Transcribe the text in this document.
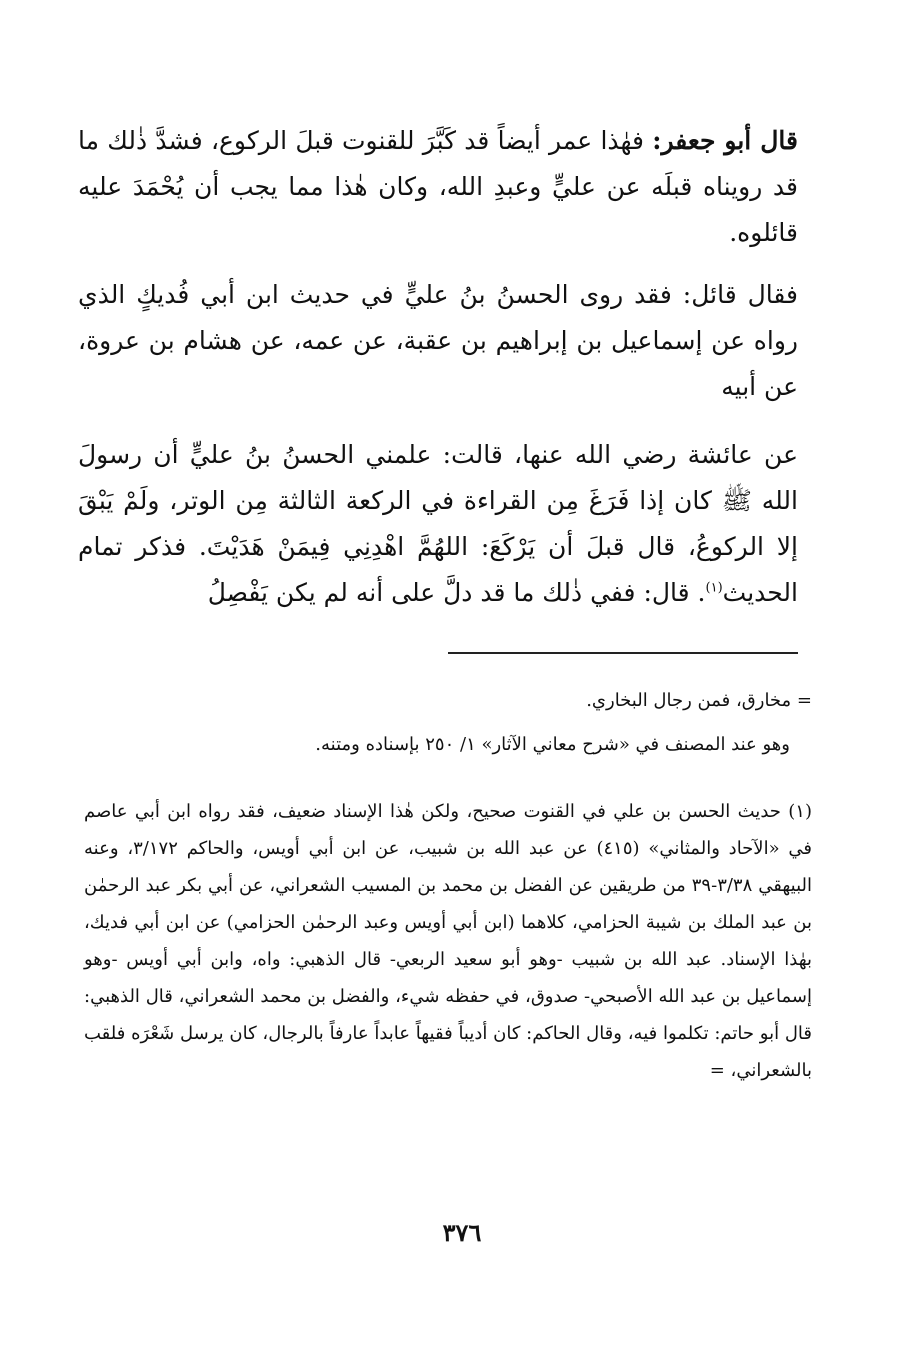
قال أبو جعفر: فهٰذا عمر أيضاً قد كَبَّرَ للقنوت قبلَ الركوع، فشدَّ ذٰلك ما قد رويناه قبلَه عن عليٍّ وعبدِ الله، وكان هٰذا مما يجب أن يُحْمَدَ عليه قائلوه.

فقال قائل: فقد روى الحسنُ بنُ عليٍّ في حديث ابن أبي فُديكٍ الذي رواه عن إسماعيل بن إبراهيم بن عقبة، عن عمه، عن هشام بن عروة، عن أبيه

عن عائشة رضي الله عنها، قالت: علمني الحسنُ بنُ عليٍّ أن رسولَ الله ﷺ كان إذا فَرَغَ مِن القراءة في الركعة الثالثة مِن الوتر، ولَمْ يَبْقَ إلا الركوعُ، قال قبلَ أن يَرْكَعَ: اللهُمَّ اهْدِنِي فِيمَنْ هَدَيْتَ. فذكر تمام الحديث$^{(١)}$. قال: ففي ذٰلك ما قد دلَّ على أنه لم يكن يَفْصِلُ

= مخارق، فمن رجال البخاري.

وهو عند المصنف في «شرح معاني الآثار» ١/ ٢٥٠ بإسناده ومتنه.

(١) حديث الحسن بن علي في القنوت صحيح، ولكن هٰذا الإسناد ضعيف، فقد رواه ابن أبي عاصم في «الآحاد والمثاني» (٤١٥) عن عبد الله بن شبيب، عن ابن أبي أويس، والحاكم ٣/١٧٢، وعنه البيهقي ٣/٣٨-٣٩ من طريقين عن الفضل بن محمد بن المسيب الشعراني، عن أبي بكر عبد الرحمٰن بن عبد الملك بن شيبة الحزامي، كلاهما (ابن أبي أويس وعبد الرحمٰن الحزامي) عن ابن أبي فديك، بهٰذا الإسناد. عبد الله بن شبيب -وهو أبو سعيد الربعي- قال الذهبي: واه، وابن أبي أويس -وهو إسماعيل بن عبد الله الأصبحي- صدوق، في حفظه شيء، والفضل بن محمد الشعراني، قال الذهبي: قال أبو حاتم: تكلموا فيه، وقال الحاكم: كان أديباً فقيهاً عابداً عارفاً بالرجال، كان يرسل شَعْرَه فلقب بالشعراني، =

٣٧٦
